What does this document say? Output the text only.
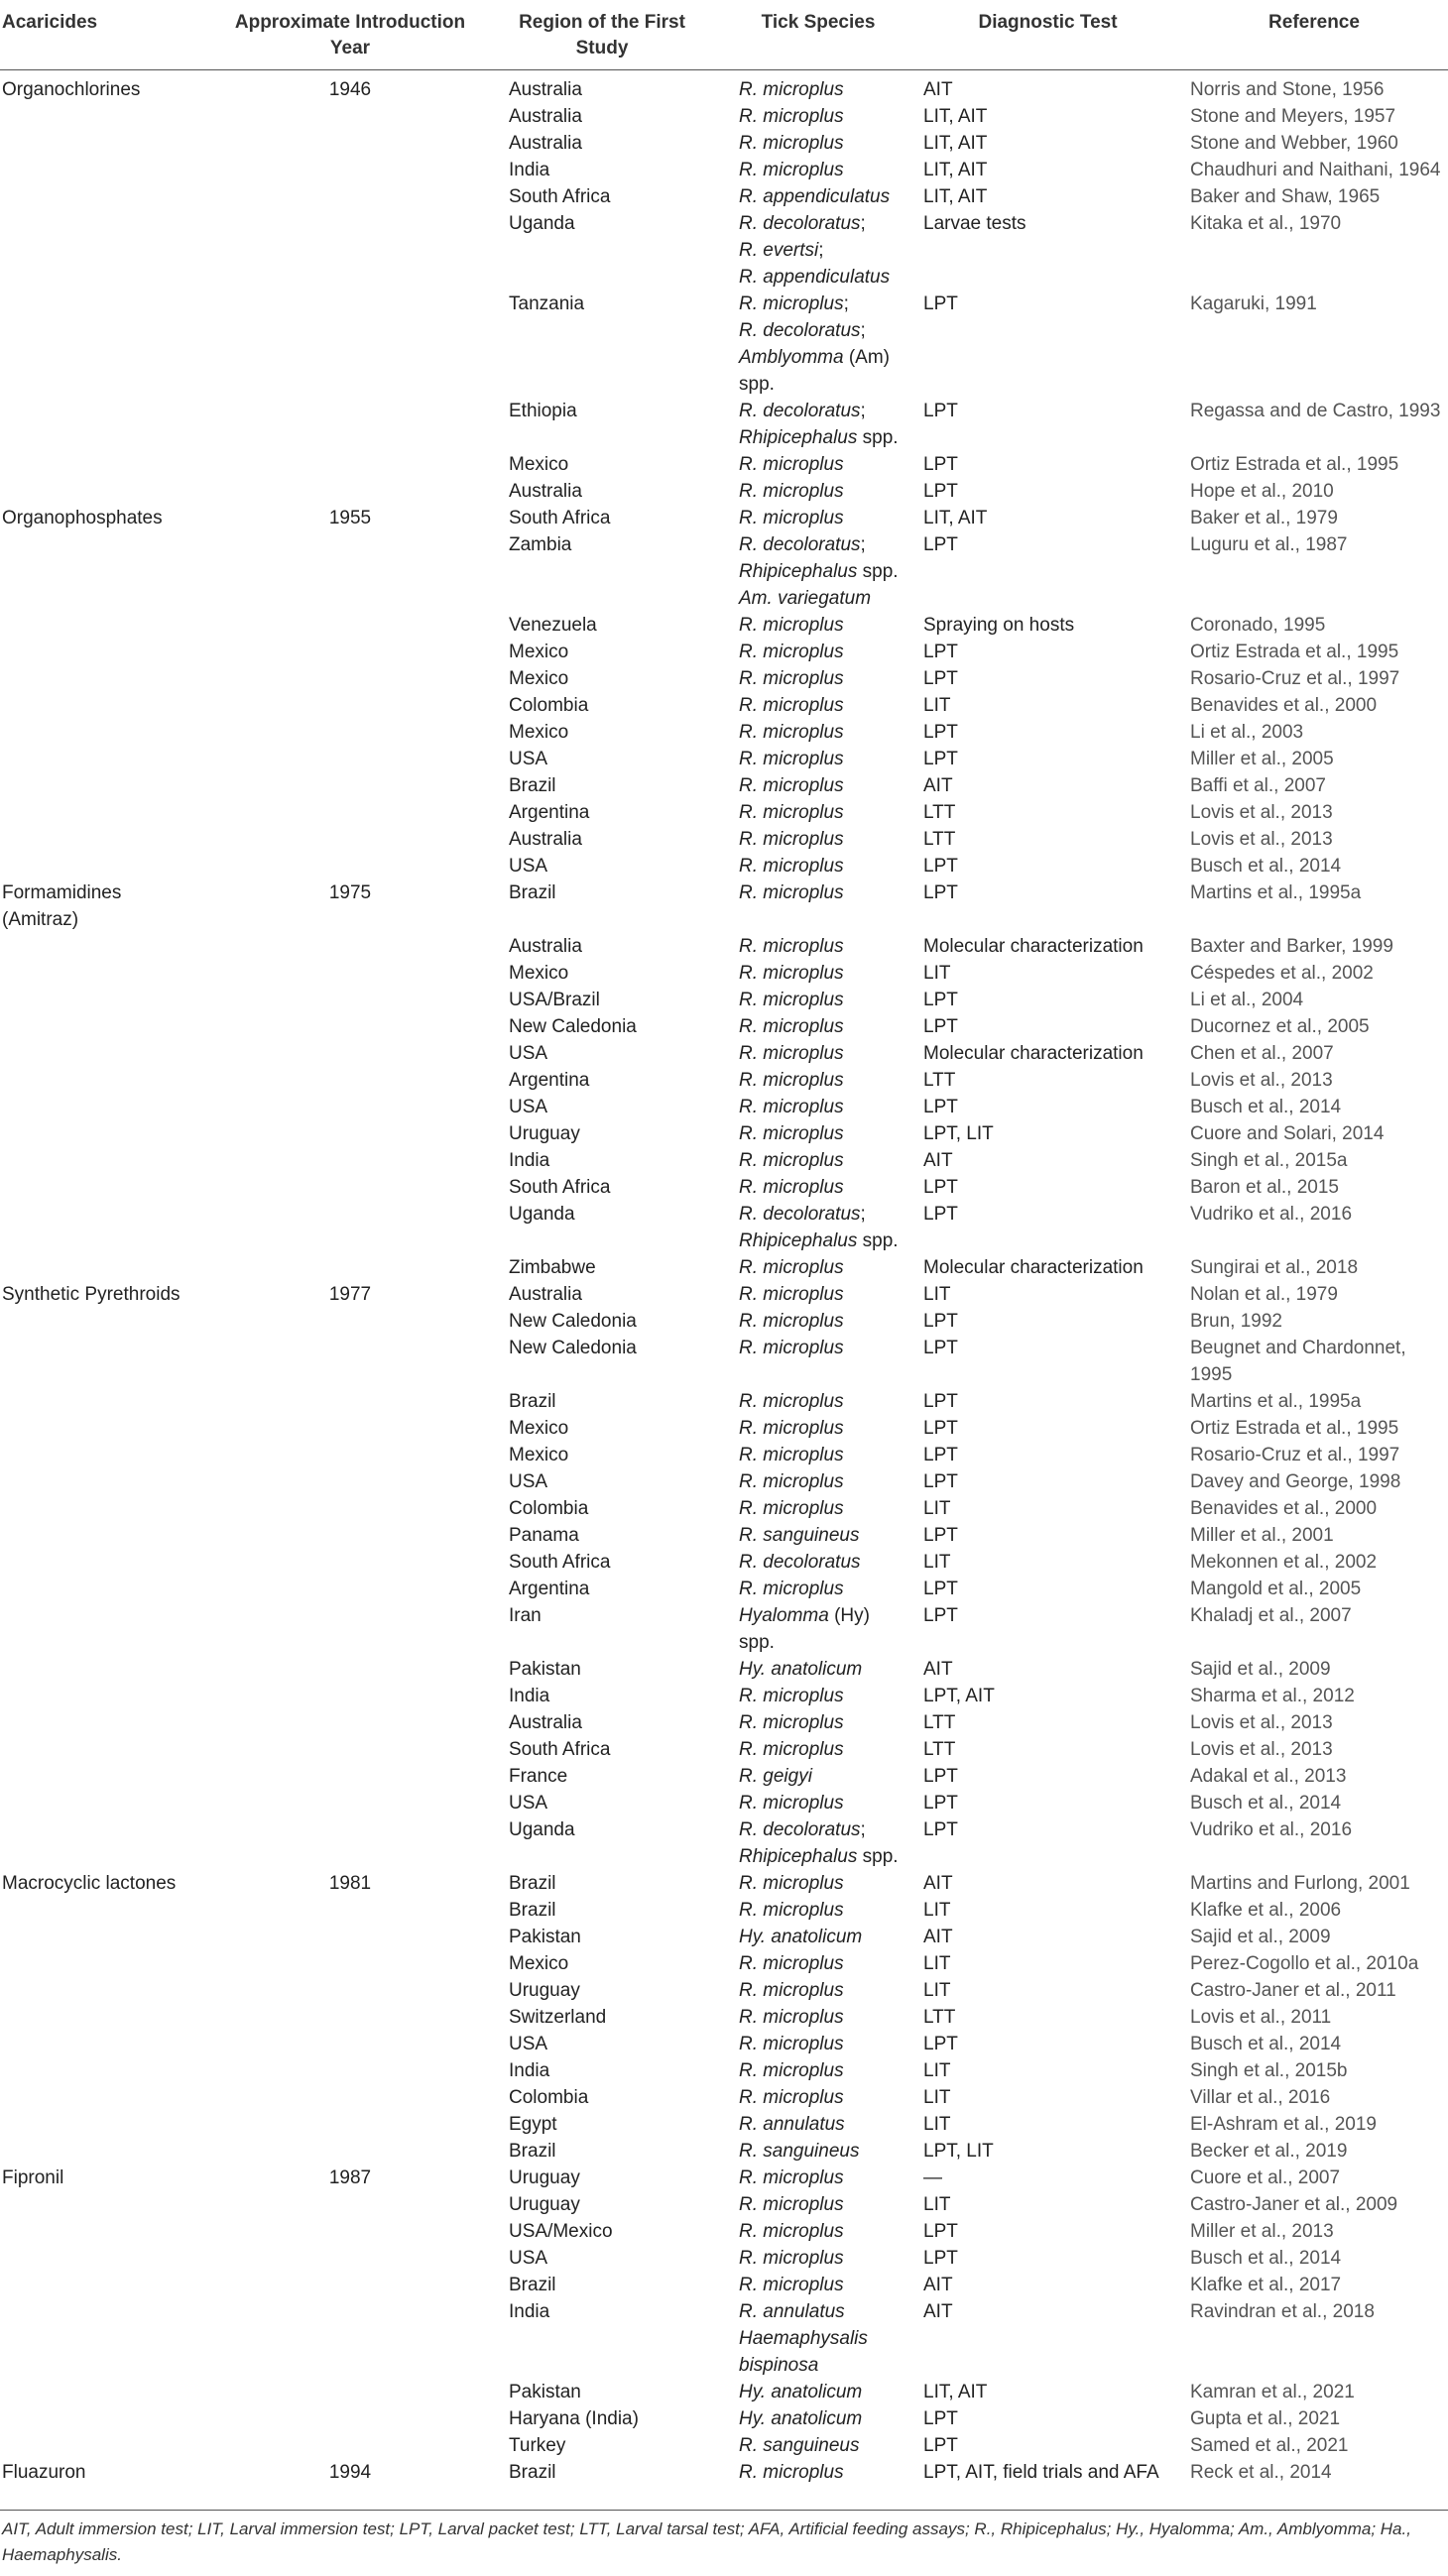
Acaricides	Approximate Introduction Year	Region of the First Study	Tick Species	Diagnostic Test	Reference
Organochlorines	1946	Australia	R. microplus	AIT	Norris and Stone, 1956
		Australia	R. microplus	LIT, AIT	Stone and Meyers, 1957
		Australia	R. microplus	LIT, AIT	Stone and Webber, 1960
		India	R. microplus	LIT, AIT	Chaudhuri and Naithani, 1964
		South Africa	R. appendiculatus	LIT, AIT	Baker and Shaw, 1965
		Uganda	R. decoloratus;
R. evertsi;
R. appendiculatus	Larvae tests	Kitaka et al., 1970
		Tanzania	R. microplus;
R. decoloratus;
Amblyomma (Am) spp.	LPT	Kagaruki, 1991
		Ethiopia	R. decoloratus;
Rhipicephalus spp.	LPT	Regassa and de Castro, 1993
		Mexico	R. microplus	LPT	Ortiz Estrada et al., 1995
		Australia	R. microplus	LPT	Hope et al., 2010
Organophosphates	1955	South Africa	R. microplus	LIT, AIT	Baker et al., 1979
		Zambia	R. decoloratus;
Rhipicephalus spp.
Am. variegatum	LPT	Luguru et al., 1987
		Venezuela	R. microplus	Spraying on hosts	Coronado, 1995
		Mexico	R. microplus	LPT	Ortiz Estrada et al., 1995
		Mexico	R. microplus	LPT	Rosario-Cruz et al., 1997
		Colombia	R. microplus	LIT	Benavides et al., 2000
		Mexico	R. microplus	LPT	Li et al., 2003
		USA	R. microplus	LPT	Miller et al., 2005
		Brazil	R. microplus	AIT	Baffi et al., 2007
		Argentina	R. microplus	LTT	Lovis et al., 2013
		Australia	R. microplus	LTT	Lovis et al., 2013
		USA	R. microplus	LPT	Busch et al., 2014
Formamidines
(Amitraz)	1975	Brazil	R. microplus	LPT	Martins et al., 1995a
		Australia	R. microplus	Molecular characterization	Baxter and Barker, 1999
		Mexico	R. microplus	LIT	Céspedes et al., 2002
		USA/Brazil	R. microplus	LPT	Li et al., 2004
		New Caledonia	R. microplus	LPT	Ducornez et al., 2005
		USA	R. microplus	Molecular characterization	Chen et al., 2007
		Argentina	R. microplus	LTT	Lovis et al., 2013
		USA	R. microplus	LPT	Busch et al., 2014
		Uruguay	R. microplus	LPT, LIT	Cuore and Solari, 2014
		India	R. microplus	AIT	Singh et al., 2015a
		South Africa	R. microplus	LPT	Baron et al., 2015
		Uganda	R. decoloratus;
Rhipicephalus spp.	LPT	Vudriko et al., 2016
		Zimbabwe	R. microplus	Molecular characterization	Sungirai et al., 2018
Synthetic Pyrethroids	1977	Australia	R. microplus	LIT	Nolan et al., 1979
		New Caledonia	R. microplus	LPT	Brun, 1992
		New Caledonia	R. microplus	LPT	Beugnet and Chardonnet, 1995
		Brazil	R. microplus	LPT	Martins et al., 1995a
		Mexico	R. microplus	LPT	Ortiz Estrada et al., 1995
		Mexico	R. microplus	LPT	Rosario-Cruz et al., 1997
		USA	R. microplus	LPT	Davey and George, 1998
		Colombia	R. microplus	LIT	Benavides et al., 2000
		Panama	R. sanguineus	LPT	Miller et al., 2001
		South Africa	R. decoloratus	LIT	Mekonnen et al., 2002
		Argentina	R. microplus	LPT	Mangold et al., 2005
		Iran	Hyalomma (Hy) spp.	LPT	Khaladj et al., 2007
		Pakistan	Hy. anatolicum	AIT	Sajid et al., 2009
		India	R. microplus	LPT, AIT	Sharma et al., 2012
		Australia	R. microplus	LTT	Lovis et al., 2013
		South Africa	R. microplus	LTT	Lovis et al., 2013
		France	R. geigyi	LPT	Adakal et al., 2013
		USA	R. microplus	LPT	Busch et al., 2014
		Uganda	R. decoloratus;
Rhipicephalus spp.	LPT	Vudriko et al., 2016
Macrocyclic lactones	1981	Brazil	R. microplus	AIT	Martins and Furlong, 2001
		Brazil	R. microplus	LIT	Klafke et al., 2006
		Pakistan	Hy. anatolicum	AIT	Sajid et al., 2009
		Mexico	R. microplus	LIT	Perez-Cogollo et al., 2010a
		Uruguay	R. microplus	LIT	Castro-Janer et al., 2011
		Switzerland	R. microplus	LTT	Lovis et al., 2011
		USA	R. microplus	LPT	Busch et al., 2014
		India	R. microplus	LIT	Singh et al., 2015b
		Colombia	R. microplus	LIT	Villar et al., 2016
		Egypt	R. annulatus	LIT	El-Ashram et al., 2019
		Brazil	R. sanguineus	LPT, LIT	Becker et al., 2019
Fipronil	1987	Uruguay	R. microplus	—	Cuore et al., 2007
		Uruguay	R. microplus	LIT	Castro-Janer et al., 2009
		USA/Mexico	R. microplus	LPT	Miller et al., 2013
		USA	R. microplus	LPT	Busch et al., 2014
		Brazil	R. microplus	AIT	Klafke et al., 2017
		India	R. annulatus
Haemaphysalis bispinosa	AIT	Ravindran et al., 2018
		Pakistan	Hy. anatolicum	LIT, AIT	Kamran et al., 2021
		Haryana (India)	Hy. anatolicum	LPT	Gupta et al., 2021
		Turkey	R. sanguineus	LPT	Samed et al., 2021
Fluazuron	1994	Brazil	R. microplus	LPT, AIT, field trials and AFA	Reck et al., 2014
AIT, Adult immersion test; LIT, Larval immersion test; LPT, Larval packet test; LTT, Larval tarsal test; AFA, Artificial feeding assays; R., Rhipicephalus; Hy., Hyalomma; Am., Amblyomma; Ha., Haemaphysalis.
